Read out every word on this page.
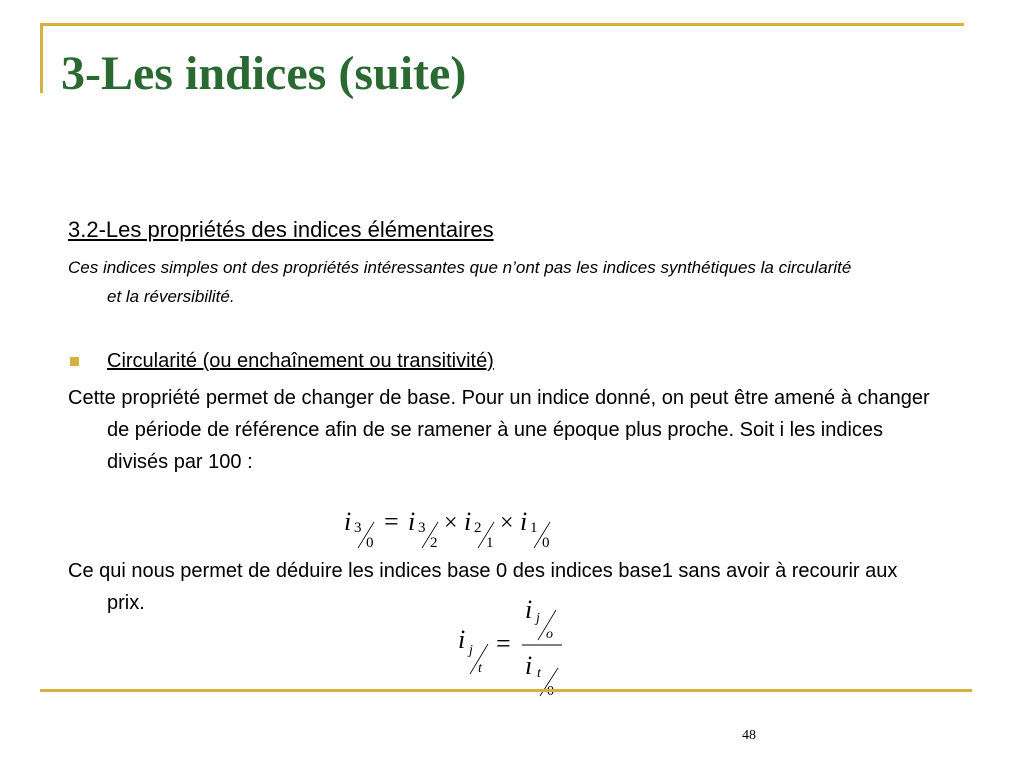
3-Les indices (suite)
3.2-Les propriétés des indices élémentaires
Ces indices simples ont des propriétés intéressantes que n’ont pas les indices synthétiques la circularité et la réversibilité.
Circularité (ou enchaînement ou transitivité)
Cette propriété permet de changer de base. Pour un indice donné, on peut être amené à changer de période de référence afin de se ramener à une époque plus proche. Soit i les indices divisés par 100 :
i 3
0
= i 3
2
× i 2
1
× i 1
0
Ce qui nous permet de déduire les indices base 0 des indices base1 sans avoir à recourir aux prix.	i j
o
i t
i j
t
=
48
